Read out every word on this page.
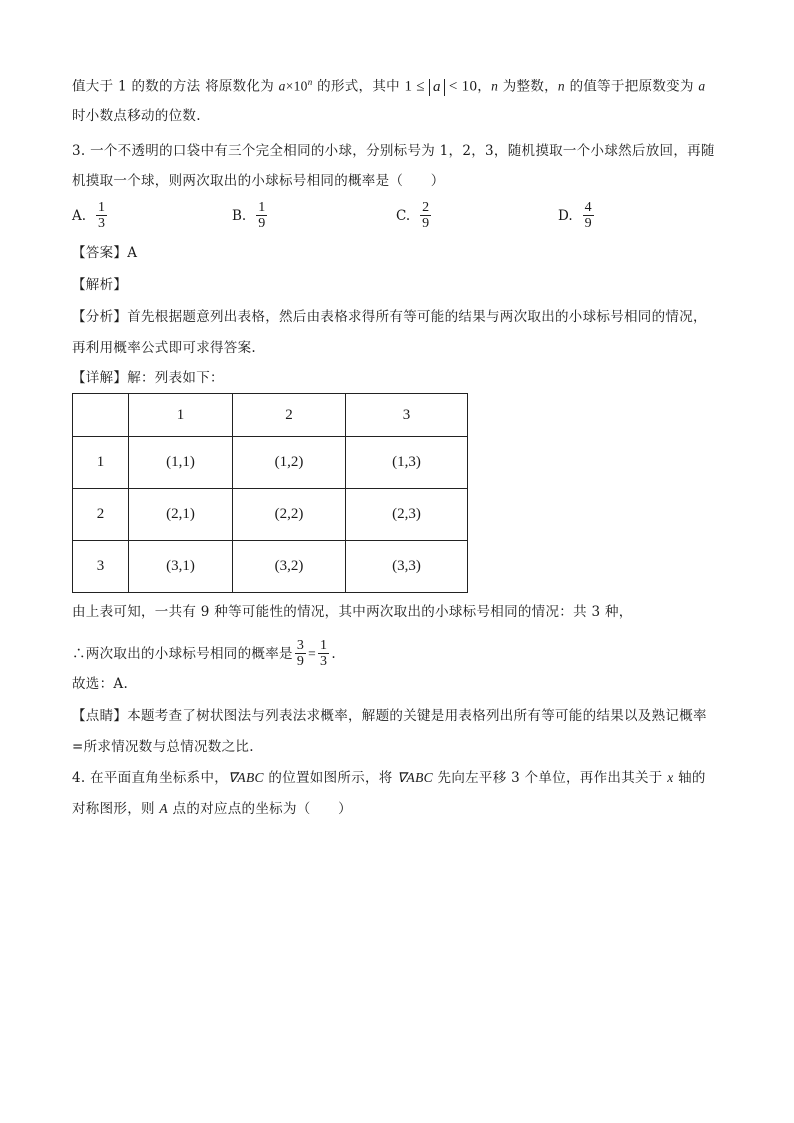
值大于 1 的数的方法 将原数化为 $a\times 10^n$ 的形式，其中 1 ≤ a < 10，n 为整数，n 的值等于把原数变为 a
时小数点移动的位数.
3. 一个不透明的口袋中有三个完全相同的小球，分别标号为 1，2，3，随机摸取一个小球然后放回，再随
机摸取一个球，则两次取出的小球标号相同的概率是（　　）
A. $\frac{1}{3}$	B. $\frac{1}{9}$	C. $\frac{2}{9}$	D. $\frac{4}{9}$
【答案】A
【解析】
【分析】首先根据题意列出表格，然后由表格求得所有等可能的结果与两次取出的小球标号相同的情况，
再利用概率公式即可求得答案.
【详解】解：列表如下：
	1	2	3
1	(1,1)	(1,2)	(1,3)
2	(2,1)	(2,2)	(2,3)
3	(3,1)	(3,2)	(3,3)
由上表可知，一共有 9 种等可能性的情况，其中两次取出的小球标号相同的情况：共 3 种，
∴两次取出的小球标号相同的概率是 $\frac{3}{9} = \frac{1}{3}$ .
故选：A.
【点睛】本题考查了树状图法与列表法求概率，解题的关键是用表格列出所有等可能的结果以及熟记概率
=所求情况数与总情况数之比.
4. 在平面直角坐标系中，∇ABC 的位置如图所示，将 ∇ABC 先向左平移 3 个单位，再作出其关于 x 轴的
对称图形，则 A 点的对应点的坐标为（　　）
